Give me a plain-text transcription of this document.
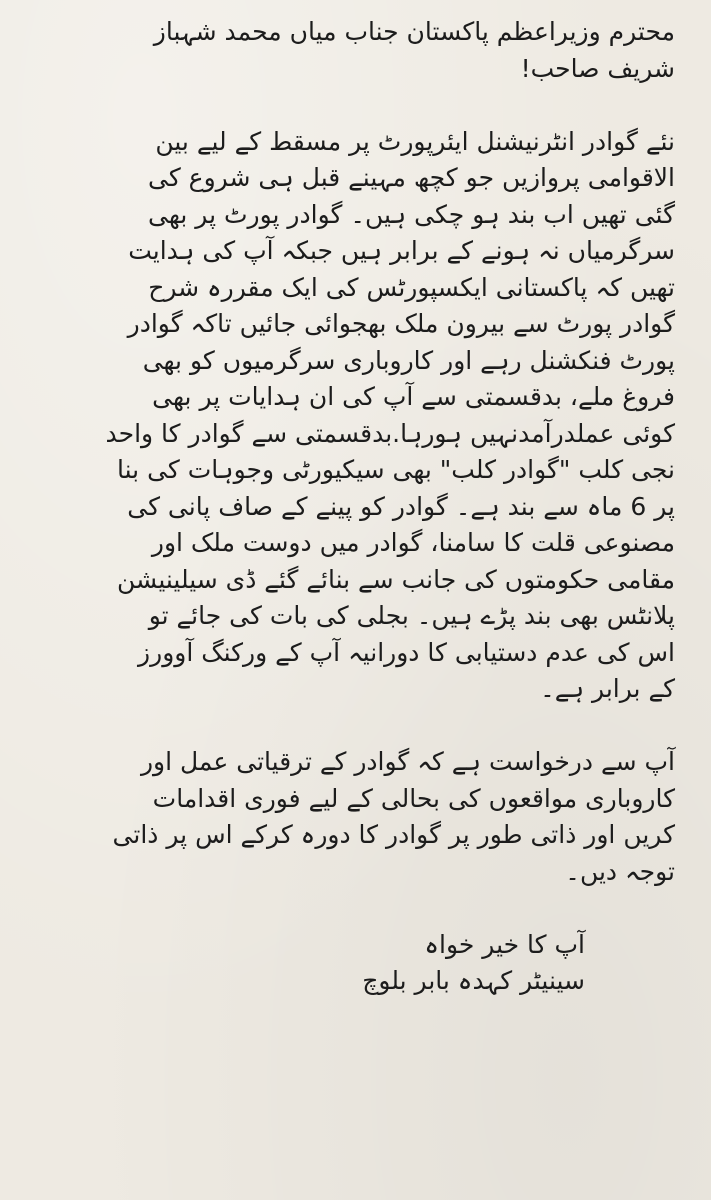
محترم وزیراعظم پاکستان جناب میاں محمد شہباز
شریف صاحب!
نئے گوادر انٹرنیشنل ایئرپورٹ پر مسقط کے لیے بین
الاقوامی پروازیں جو کچھ مہینے قبل ہی شروع کی
گئی تھیں اب بند ہو چکی ہیں۔ گوادر پورٹ پر بھی
سرگرمیاں نہ ہونے کے برابر ہیں جبکہ آپ کی ہدایت
تھیں کہ پاکستانی ایکسپورٹس کی ایک مقررہ شرح
گوادر پورٹ سے بیرون ملک بھجوائی جائیں تاکہ گوادر
پورٹ فنکشنل رہے اور کاروباری سرگرمیوں کو بھی
فروغ ملے، بدقسمتی سے آپ کی ان ہدایات پر بھی
کوئی عملدرآمدنہیں ہورہا.بدقسمتی سے گوادر کا واحد
نجی کلب "گوادر کلب" بھی سیکیورٹی وجوہات کی بنا
پر 6 ماہ سے بند ہے۔ گوادر کو پینے کے صاف پانی کی
مصنوعی قلت کا سامنا، گوادر میں دوست ملک اور
مقامی حکومتوں کی جانب سے بنائے گئے ڈی سیلینیشن
پلانٹس بھی بند پڑے ہیں۔ بجلی کی بات کی جائے تو
اس کی عدم دستیابی کا دورانیہ آپ کے ورکنگ آوورز
کے برابر ہے۔
آپ سے درخواست ہے کہ گوادر کے ترقیاتی عمل اور
کاروباری مواقعوں کی بحالی کے لیے فوری اقدامات
کریں اور ذاتی طور پر گوادر کا دورہ کرکے اس پر ذاتی
توجہ دیں۔
آپ کا خیر خواہ
سینیٹر کہدہ بابر بلوچ
